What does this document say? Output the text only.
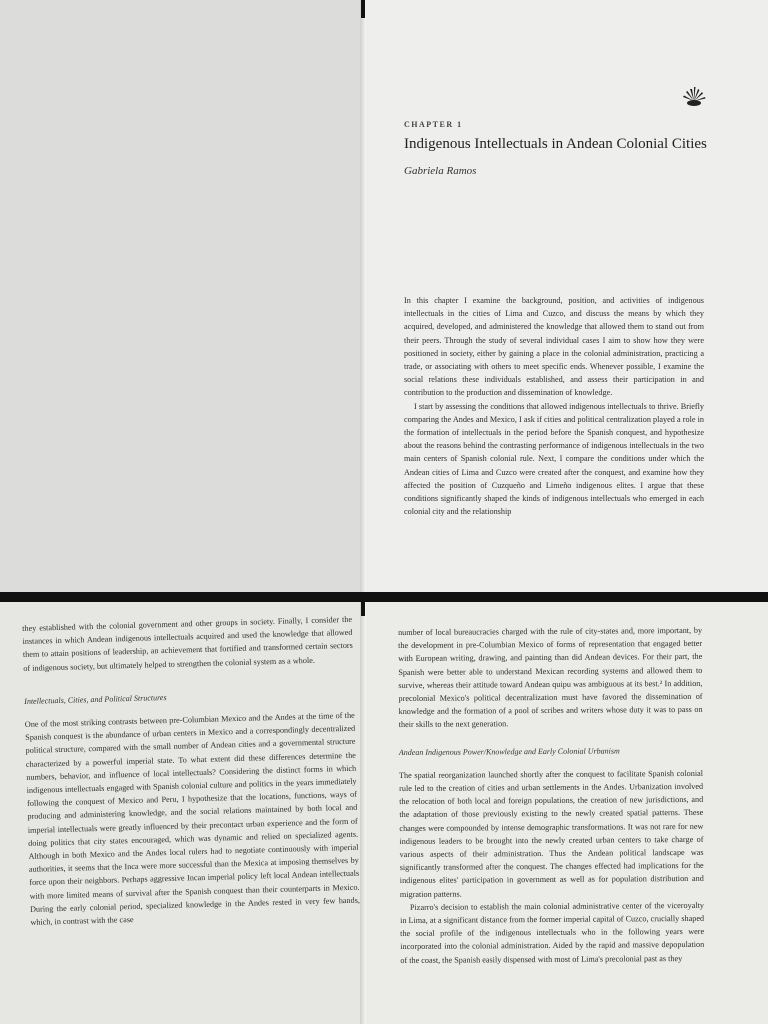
CHAPTER 1
Indigenous Intellectuals in Andean Colonial Cities
Gabriela Ramos

In this chapter I examine the background, position, and activities of indigenous intellectuals in the cities of Lima and Cuzco, and discuss the means by which they acquired, developed, and administered the knowledge that allowed them to stand out from their peers. Through the study of several individual cases I aim to show how they were positioned in society, either by gaining a place in the colonial administration, practicing a trade, or associating with others to meet specific ends. Whenever possible, I examine the social relations these individuals established, and assess their participation in and contribution to the production and dissemination of knowledge.

I start by assessing the conditions that allowed indigenous intellectuals to thrive. Briefly comparing the Andes and Mexico, I ask if cities and political centralization played a role in the formation of intellectuals in the period before the Spanish conquest, and hypothesize about the reasons behind the contrasting performance of indigenous intellectuals in the two main centers of Spanish colonial rule. Next, I compare the conditions under which the Andean cities of Lima and Cuzco were created after the conquest, and examine how they affected the position of Cuzqueño and Limeño indigenous elites. I argue that these conditions significantly shaped the kinds of indigenous intellectuals who emerged in each colonial city and the relationship

they established with the colonial government and other groups in society. Finally, I consider the instances in which Andean indigenous intellectuals acquired and used the knowledge that allowed them to attain positions of leadership, an achievement that fortified and transformed certain sectors of indigenous society, but ultimately helped to strengthen the colonial system as a whole.

Intellectuals, Cities, and Political Structures

One of the most striking contrasts between pre-Columbian Mexico and the Andes at the time of the Spanish conquest is the abundance of urban centers in Mexico and a correspondingly decentralized political structure, compared with the small number of Andean cities and a governmental structure characterized by a powerful imperial state. To what extent did these differences determine the numbers, behavior, and influence of local intellectuals? Considering the distinct forms in which indigenous intellectuals engaged with Spanish colonial culture and politics in the years immediately following the conquest of Mexico and Peru, I hypothesize that the locations, functions, ways of producing and administering knowledge, and the social relations maintained by both local and imperial intellectuals were greatly influenced by their precontact urban experience and the form of doing politics that city states encouraged, which was dynamic and relied on specialized agents. Although in both Mexico and the Andes local rulers had to negotiate continuously with imperial authorities, it seems that the Inca were more successful than the Mexica at imposing themselves by force upon their neighbors. Perhaps aggressive Incan imperial policy left local Andean intellectuals with more limited means of survival after the Spanish conquest than their counterparts in Mexico. During the early colonial period, specialized knowledge in the Andes rested in very few hands, which, in contrast with the case

number of local bureaucracies charged with the rule of city-states and, more important, by the development in pre-Columbian Mexico of forms of representation that engaged better with European writing, drawing, and painting than did Andean devices. For their part, the Spanish were better able to understand Mexican recording systems and allowed them to survive, whereas their attitude toward Andean quipu was ambiguous at its best.² In addition, precolonial Mexico's political decentralization must have favored the dissemination of knowledge and the formation of a pool of scribes and writers whose duty it was to pass on their skills to the next generation.

Andean Indigenous Power/Knowledge and Early Colonial Urbanism

The spatial reorganization launched shortly after the conquest to facilitate Spanish colonial rule led to the creation of cities and urban settlements in the Andes. Urbanization involved the relocation of both local and foreign populations, the creation of new jurisdictions, and the adaptation of those previously existing to the newly created spatial patterns. These changes were compounded by intense demographic transformations. It was not rare for new indigenous leaders to be brought into the newly created urban centers to take charge of various aspects of their administration. Thus the Andean political landscape was significantly transformed after the conquest. The changes effected had implications for the indigenous elites' participation in government as well as for population distribution and migration patterns.

Pizarro's decision to establish the main colonial administrative center of the viceroyalty in Lima, at a significant distance from the former imperial capital of Cuzco, crucially shaped the social profile of the indigenous intellectuals who in the following years were incorporated into the colonial administration. Aided by the rapid and massive depopulation of the coast, the Spanish easily dispensed with most of Lima's precolonial past as they
